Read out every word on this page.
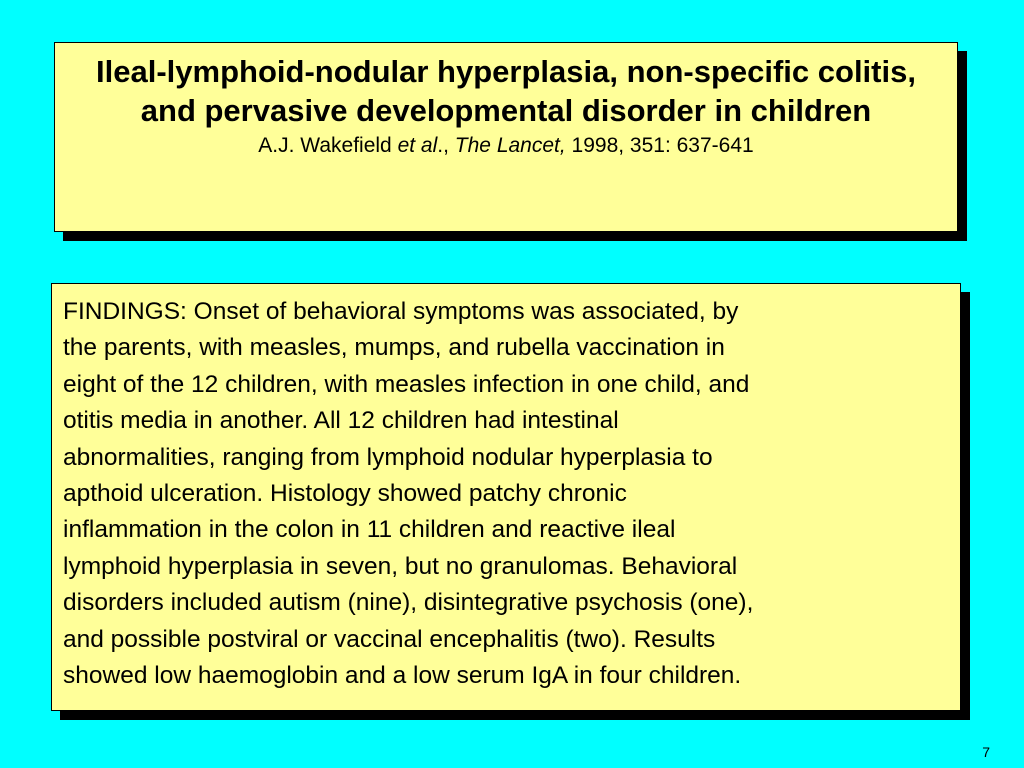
Ileal-lymphoid-nodular hyperplasia, non-specific colitis, and pervasive developmental disorder in children
A.J. Wakefield et al., The Lancet, 1998, 351: 637-641
FINDINGS: Onset of behavioral symptoms was associated, by
the parents, with measles, mumps, and rubella vaccination in
eight of the 12 children, with measles infection in one child, and
otitis media in another. All 12 children had intestinal
abnormalities, ranging from lymphoid nodular hyperplasia to
apthoid ulceration. Histology showed patchy chronic
inflammation in the colon in 11 children and reactive ileal
lymphoid hyperplasia in seven, but no granulomas. Behavioral
disorders included autism (nine), disintegrative psychosis (one),
and possible postviral or vaccinal encephalitis (two). Results
showed low haemoglobin and a low serum IgA in four children.
7
